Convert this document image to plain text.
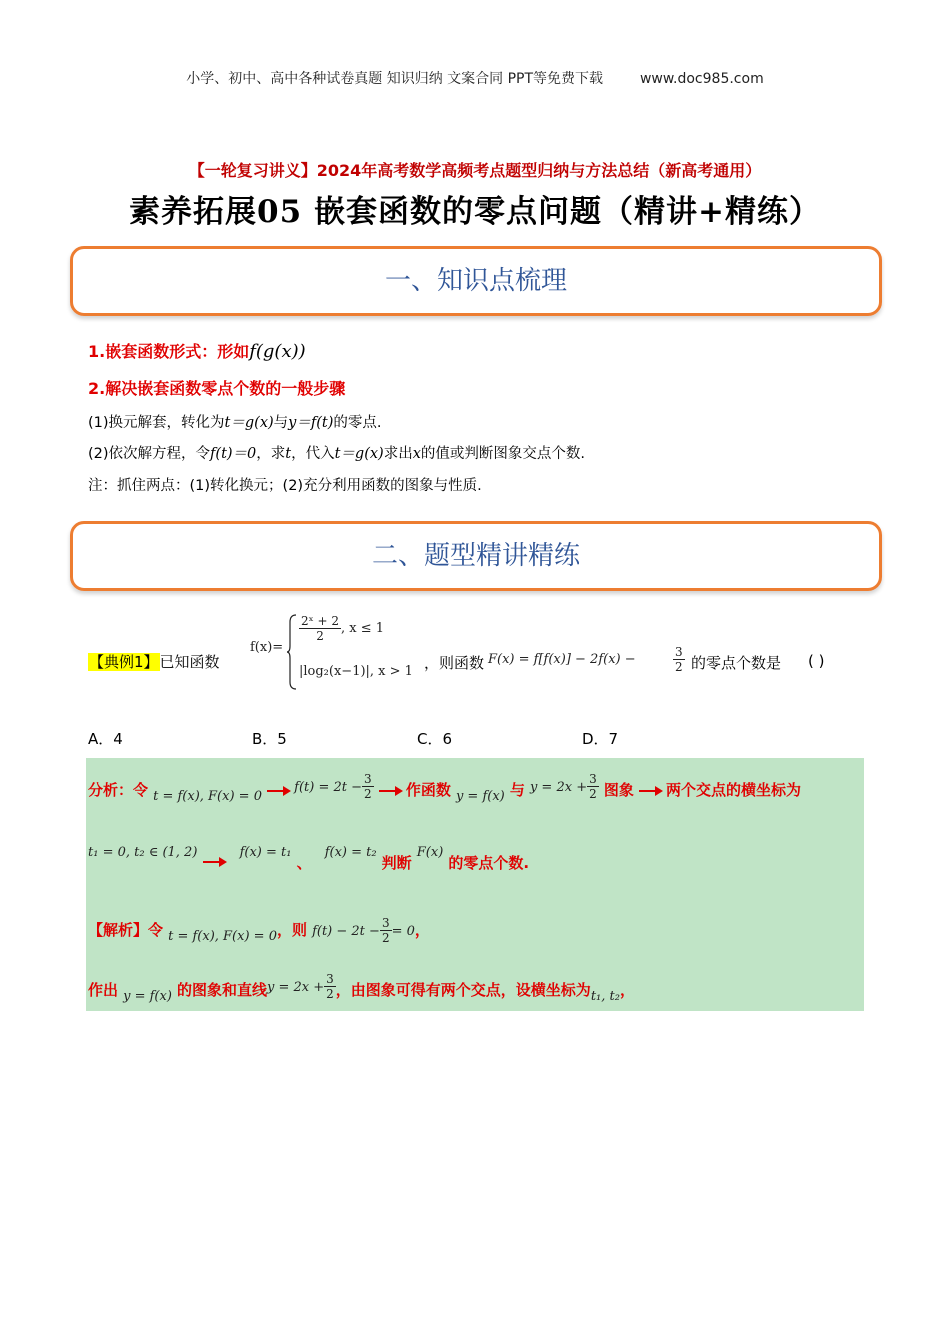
小学、初中、高中各种试卷真题 知识归纳 文案合同 PPT等免费下载	www.doc985.com
【一轮复习讲义】2024年高考数学高频考点题型归纳与方法总结（新高考通用）
素养拓展05 嵌套函数的零点问题（精讲+精练）
一、知识点梳理
1.嵌套函数形式：形如f(g(x))
2.解决嵌套函数零点个数的一般步骤
(1)换元解套，转化为t＝g(x)与y＝f(t)的零点.
(2)依次解方程，令f(t)＝0，求t，代入t＝g(x)求出x的值或判断图象交点个数.
注：抓住两点：(1)转化换元；(2)充分利用函数的图象与性质.
二、题型精讲精练
【典例1】已知函数
f(x)=
$\frac{\text{2ˣ + 2}}{2}$ , x ≤ 1
|log₂(x−1)|, x > 1 ，则函数 F(x) = f[f(x)] − 2f(x) −	$\frac{3}{2}$ 的零点个数是 ( )
A．4	B．5	C．6	D．7
分析：令 $_{t = f(x), F(x) = 0}$  $^{f(t) = 2t -} \frac{3}{2}$ 作函数 $_{y = f(x)}$ 与 $^{y = 2x +} \frac{3}{2}$ 图象 两个交点的横坐标为
t₁ = 0, t₂ ∈ (1, 2)	f(x) = t₁ 、 f(x) = t₂ 判断 F(x) 的零点个数.
【解析】令 $_{t = f(x), F(x) = 0}$，则 $f(t) - 2t - \frac{3}{2} = 0$，
作出 $_{y = f(x)}$ 的图象和直线$^{y = 2x +} \frac{3}{2}$ ，由图象可得有两个交点，设横坐标为$_{t_1, t_2}$，
